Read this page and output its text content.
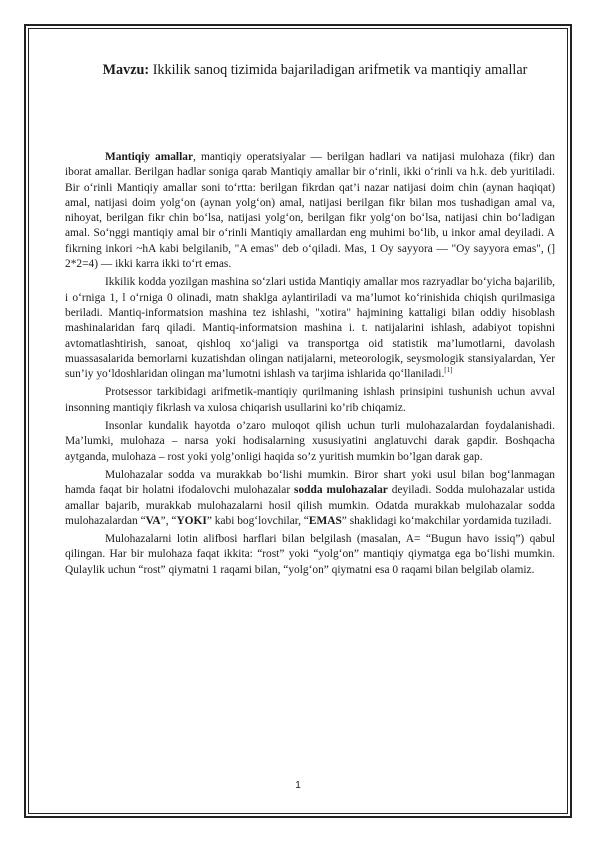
Mavzu: Ikkilik sanoq tizimida bajariladigan arifmetik va mantiqiy amallar

Mantiqiy amallar, mantiqiy operatsiyalar — berilgan hadlari va natijasi mulohaza (fikr) dan iborat amallar. Berilgan hadlar soniga qarab Mantiqiy amallar bir o‘rinli, ikki o‘rinli va h.k. deb yuritiladi. Bir o‘rinli Mantiqiy amallar soni to‘rtta: berilgan fikrdan qat’i nazar natijasi doim chin (aynan haqiqat) amal, natijasi doim yolg‘on (aynan yolg‘on) amal, natijasi berilgan fikr bilan mos tushadigan amal va, nihoyat, berilgan fikr chin bo‘lsa, natijasi yolg‘on, berilgan fikr yolg‘on bo‘lsa, natijasi chin bo‘ladigan amal. So‘nggi mantiqiy amal bir o‘rinli Mantiqiy amallardan eng muhimi bo‘lib, u inkor amal deyiladi. A fikrning inkori ~hA kabi belgilanib, "A emas" deb o‘qiladi. Mas, 1 Oy sayyora — "Oy sayyora emas", (] 2*2=4) — ikki karra ikki to‘rt emas.

Ikkilik kodda yozilgan mashina so‘zlari ustida Mantiqiy amallar mos razryadlar bo‘yicha bajarilib, i o‘rniga 1, l o‘rniga 0 olinadi, matn shaklga aylantiriladi va ma’lumot ko‘rinishida chiqish qurilmasiga beriladi. Mantiq-informatsion mashina tez ishlashi, "xotira" hajmining kattaligi bilan oddiy hisoblash mashinalaridan farq qiladi. Mantiq-informatsion mashina i. t. natijalarini ishlash, adabiyot topishni avtomatlashtirish, sanoat, qishloq xo‘jaligi va transportga oid statistik ma’lumotlarni, davolash muassasalarida bemorlarni kuzatishdan olingan natijalarni, meteorologik, seysmologik stansiyalardan, Yer sun’iy yo‘ldoshlaridan olingan ma’lumotni ishlash va tarjima ishlarida qo‘llaniladi.[1]

Protsessor tarkibidagi arifmetik-mantiqiy qurilmaning ishlash prinsipini tushunish uchun avval insonning mantiqiy fikrlash va xulosa chiqarish usullarini ko’rib chiqamiz.

Insonlar kundalik hayotda o’zaro muloqot qilish uchun turli mulohazalardan foydalanishadi. Ma’lumki, mulohaza – narsa yoki hodisalarning xususiyatini anglatuvchi darak gapdir. Boshqacha aytganda, mulohaza – rost yoki yolg’onligi haqida so’z yuritish mumkin bo’lgan darak gap.

Mulohazalar sodda va murakkab bo‘lishi mumkin. Biror shart yoki usul bilan bog‘lanmagan hamda faqat bir holatni ifodalovchi mulohazalar sodda mulohazalar deyiladi. Sodda mulohazalar ustida amallar bajarib, murakkab mulohazalarni hosil qilish mumkin. Odatda murakkab mulohazalar sodda mulohazalardan “VA”, “YOKI” kabi bog‘lovchilar, “EMAS” shaklidagi ko‘makchilar yordamida tuziladi.

Mulohazalarni lotin alifbosi harflari bilan belgilash (masalan, A= “Bugun havo issiq”) qabul qilingan. Har bir mulohaza faqat ikkita: “rost” yoki “yolg‘on” mantiqiy qiymatga ega bo‘lishi mumkin. Qulaylik uchun “rost” qiymatni 1 raqami bilan, “yolg‘on” qiymatni esa 0 raqami bilan belgilab olamiz.

1
